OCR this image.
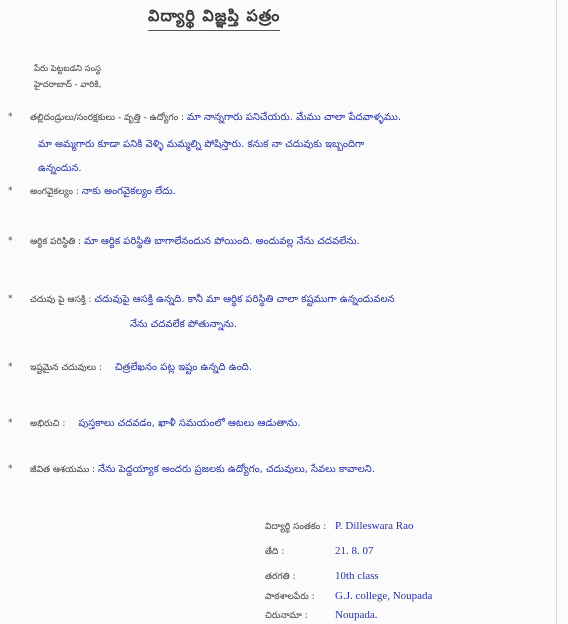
విద్యార్థి విజ్ఞప్తి పత్రం
పేరు పెట్టబడని సంస్థ
హైదరాబాద్ - వారికి,
* తల్లిదండ్రులు/సంరక్షకులు - వృత్తి - ఉద్యోగం : మా నాన్నగారు పనిచేయరు. మేము చాలా పేదవాళ్ళము.
మా అమ్మగారు కూడా పనికి వెళ్ళి మమ్మల్ని పోషిస్తారు. కనుక నా చదువుకు ఇబ్బందిగా
ఉన్నందున.
* అంగవైకల్యం : నాకు అంగవైకల్యం లేదు.
* ఆర్థిక పరిస్థితి : మా ఆర్థిక పరిస్థితి బాగాలేనందున పోయింది. అందువల్ల నేను చదవలేను.
* చదువు పై ఆసక్తి : చదువుపై ఆసక్తి ఉన్నది. కానీ మా ఆర్థిక పరిస్థితి చాలా కష్టముగా ఉన్నందువలన
నేను చదవలేక పోతున్నాను.
* ఇష్టమైన చదువులు : చిత్రలేఖనం పట్ల ఇష్టం ఉన్నది ఉంది.
* అభిరుచి : పుస్తకాలు చదవడం, ఖాళీ సమయంలో ఆటలు ఆడుతాను.
* జీవిత ఆశయము : నేను పెద్దయ్యాక అందరు ప్రజలకు ఉద్యోగం, చదువులు, సేవలు కావాలని.
విద్యార్థి సంతకం : P. Dilleswara Rao
తేది :	21. 8. 07
తరగతి :	10th class
పాఠశాలపేరు : G.J. college, Noupada
చిరునామా : Noupada.
